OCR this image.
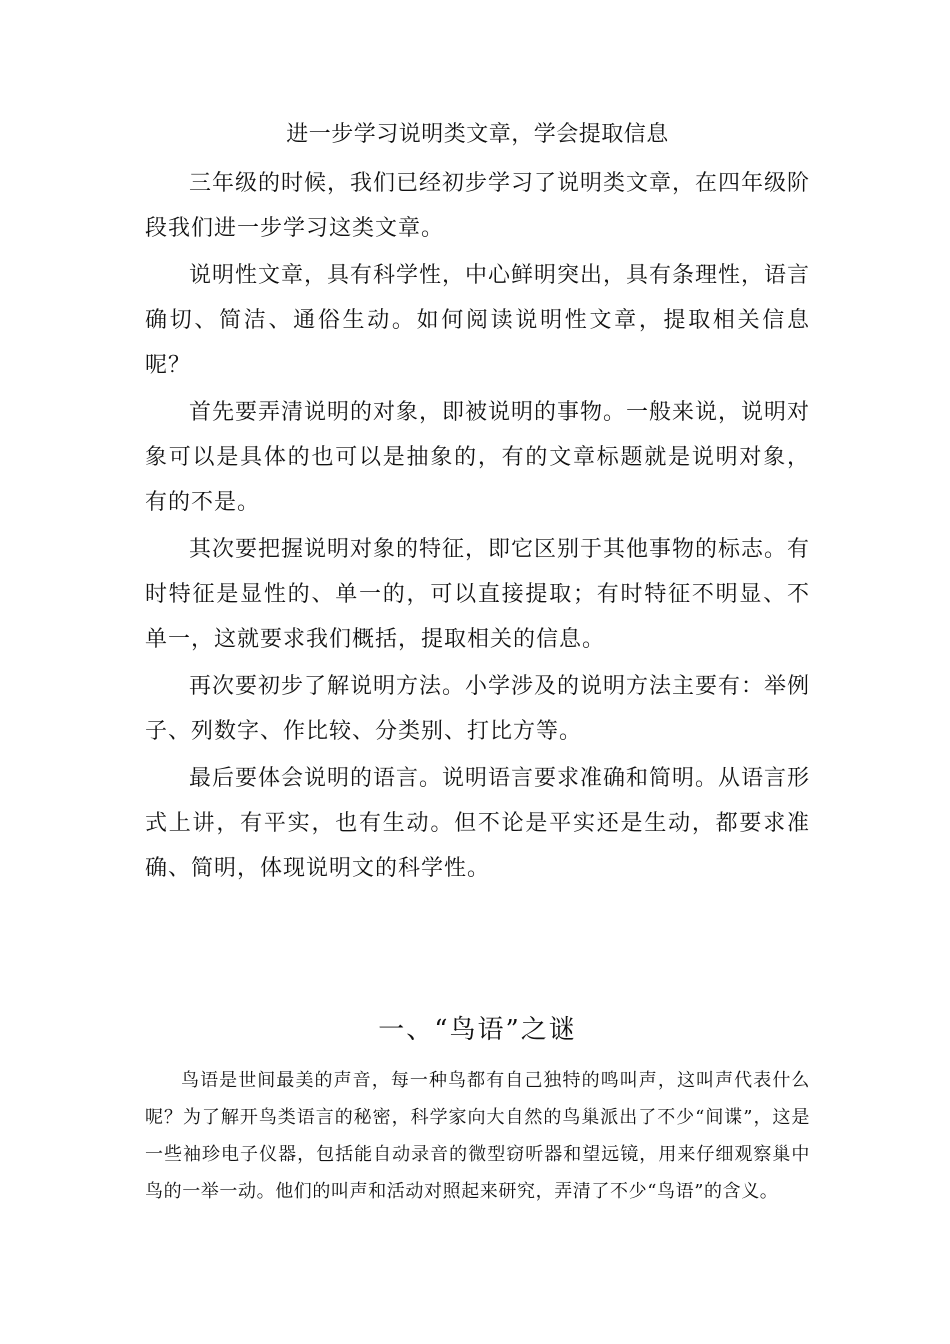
进一步学习说明类文章，学会提取信息

三年级的时候，我们已经初步学习了说明类文章，在四年级阶段我们进一步学习这类文章。

说明性文章，具有科学性，中心鲜明突出，具有条理性，语言确切、简洁、通俗生动。如何阅读说明性文章，提取相关信息呢？

首先要弄清说明的对象，即被说明的事物。一般来说，说明对象可以是具体的也可以是抽象的，有的文章标题就是说明对象，有的不是。

其次要把握说明对象的特征，即它区别于其他事物的标志。有时特征是显性的、单一的，可以直接提取；有时特征不明显、不单一，这就要求我们概括，提取相关的信息。

再次要初步了解说明方法。小学涉及的说明方法主要有：举例子、列数字、作比较、分类别、打比方等。

最后要体会说明的语言。说明语言要求准确和简明。从语言形式上讲，有平实，也有生动。但不论是平实还是生动，都要求准确、简明，体现说明文的科学性。

一、“鸟语”之谜

鸟语是世间最美的声音，每一种鸟都有自己独特的鸣叫声，这叫声代表什么呢？为了解开鸟类语言的秘密，科学家向大自然的鸟巢派出了不少“间谍”，这是一些袖珍电子仪器，包括能自动录音的微型窃听器和望远镜，用来仔细观察巢中鸟的一举一动。他们的叫声和活动对照起来研究，弄清了不少“鸟语”的含义。
